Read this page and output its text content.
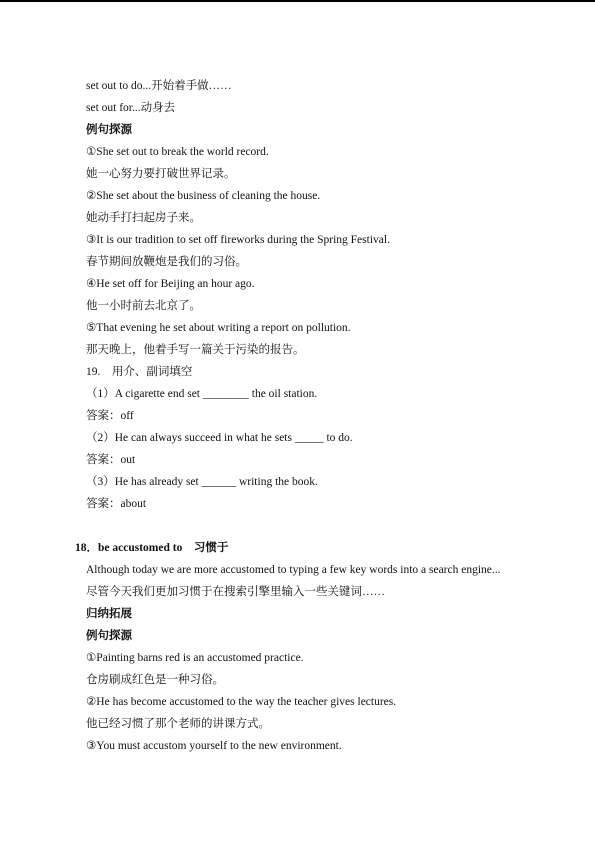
set out to do...开始着手做……
set out for...动身去
例句探源
①She set out to break the world record.
她一心努力要打破世界记录。
②She set about the business of cleaning the house.
她动手打扫起房子来。
③It is our tradition to set off fireworks during the Spring Festival.
春节期间放鞭炮是我们的习俗。
④He set off for Beijing an hour ago.
他一小时前去北京了。
⑤That evening he set about writing a report on pollution.
那天晚上，他着手写一篇关于污染的报告。
19.　用介、副词填空
（1）A cigarette end set ________ the oil station.
答案：off
（2）He can always succeed in what he sets _____ to do.
答案：out
（3）He has already set ______ writing the book.
答案：about
18．be accustomed to　习惯于
Although today we are more accustomed to typing a few key words into a search engine...
尽管今天我们更加习惯于在搜索引擎里输入一些关键词……
归纳拓展
例句探源
①Painting barns red is an accustomed practice.
仓房刷成红色是一种习俗。
②He has become accustomed to the way the teacher gives lectures.
他已经习惯了那个老师的讲课方式。
③You must accustom yourself to the new environment.
